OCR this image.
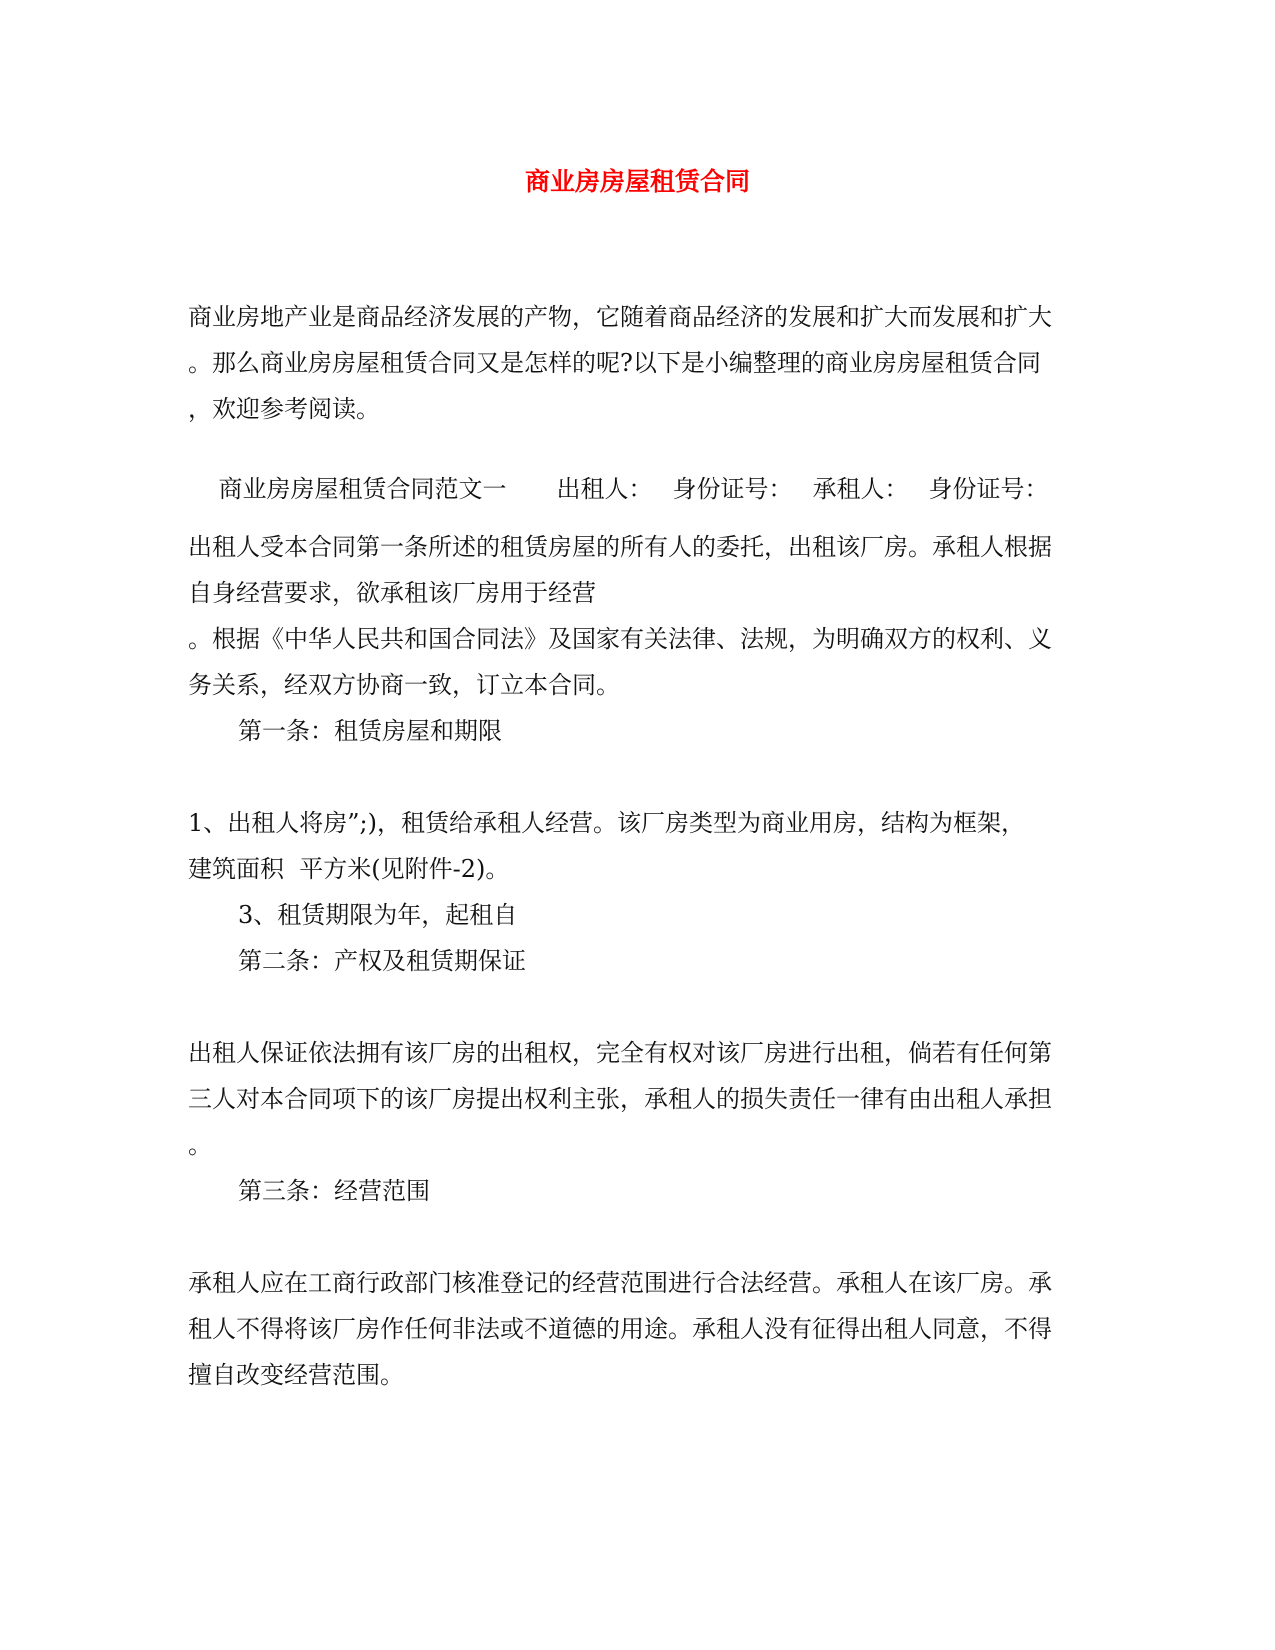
商业房房屋租赁合同
商业房地产业是商品经济发展的产物，它随着商品经济的发展和扩大而发展和扩大
。那么商业房房屋租赁合同又是怎样的呢?以下是小编整理的商业房房屋租赁合同
，欢迎参考阅读。

商业房房屋租赁合同范文一 出租人： 身份证号： 承租人： 身份证号：

出租人受本合同第一条所述的租赁房屋的所有人的委托，出租该厂房。承租人根据
自身经营要求，欲承租该厂房用于经营
。根据《中华人民共和国合同法》及国家有关法律、法规，为明确双方的权利、义
务关系，经双方协商一致，订立本合同。
第一条：租赁房屋和期限
1、出租人将房”;)，租赁给承租人经营。该厂房类型为商业用房，结构为框架，
建筑面积  平方米(见附件-2)。
3、租赁期限为年，起租自
第二条：产权及租赁期保证
出租人保证依法拥有该厂房的出租权，完全有权对该厂房进行出租，倘若有任何第
三人对本合同项下的该厂房提出权利主张，承租人的损失责任一律有由出租人承担
。
第三条：经营范围
承租人应在工商行政部门核准登记的经营范围进行合法经营。承租人在该厂房。承
租人不得将该厂房作任何非法或不道德的用途。承租人没有征得出租人同意，不得
擅自改变经营范围。
